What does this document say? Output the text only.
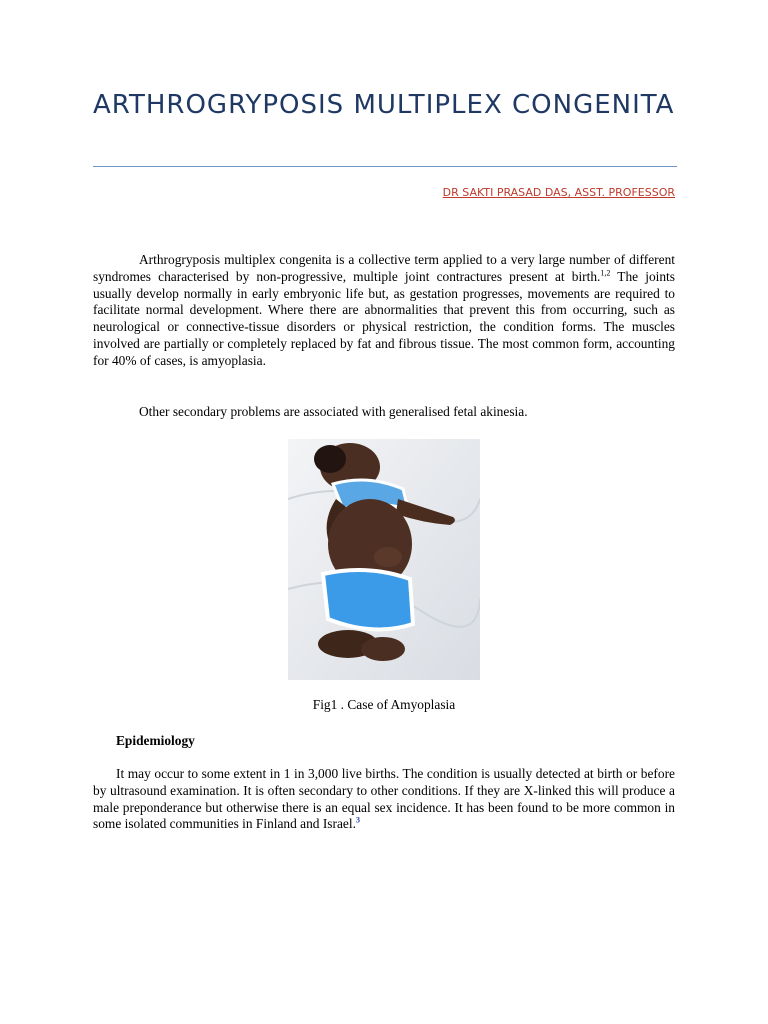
ARTHROGRYPOSIS MULTIPLEX CONGENITA
DR SAKTI PRASAD DAS, ASST. PROFESSOR

Arthrogryposis multiplex congenita is a collective term applied to a very large number of different syndromes characterised by non-progressive, multiple joint contractures present at birth.$^{1,2}$ The joints usually develop normally in early embryonic life but, as gestation progresses, movements are required to facilitate normal development. Where there are abnormalities that prevent this from occurring, such as neurological or connective-tissue disorders or physical restriction, the condition forms. The muscles involved are partially or completely replaced by fat and fibrous tissue. The most common form, accounting for 40% of cases, is amyoplasia.

Other secondary problems are associated with generalised fetal akinesia.

Fig1 . Case of Amyoplasia
Epidemiology

It may occur to some extent in 1 in 3,000 live births. The condition is usually detected at birth or before by ultrasound examination. It is often secondary to other conditions. If they are X-linked this will produce a male preponderance but otherwise there is an equal sex incidence. It has been found to be more common in some isolated communities in Finland and Israel.$^3$
